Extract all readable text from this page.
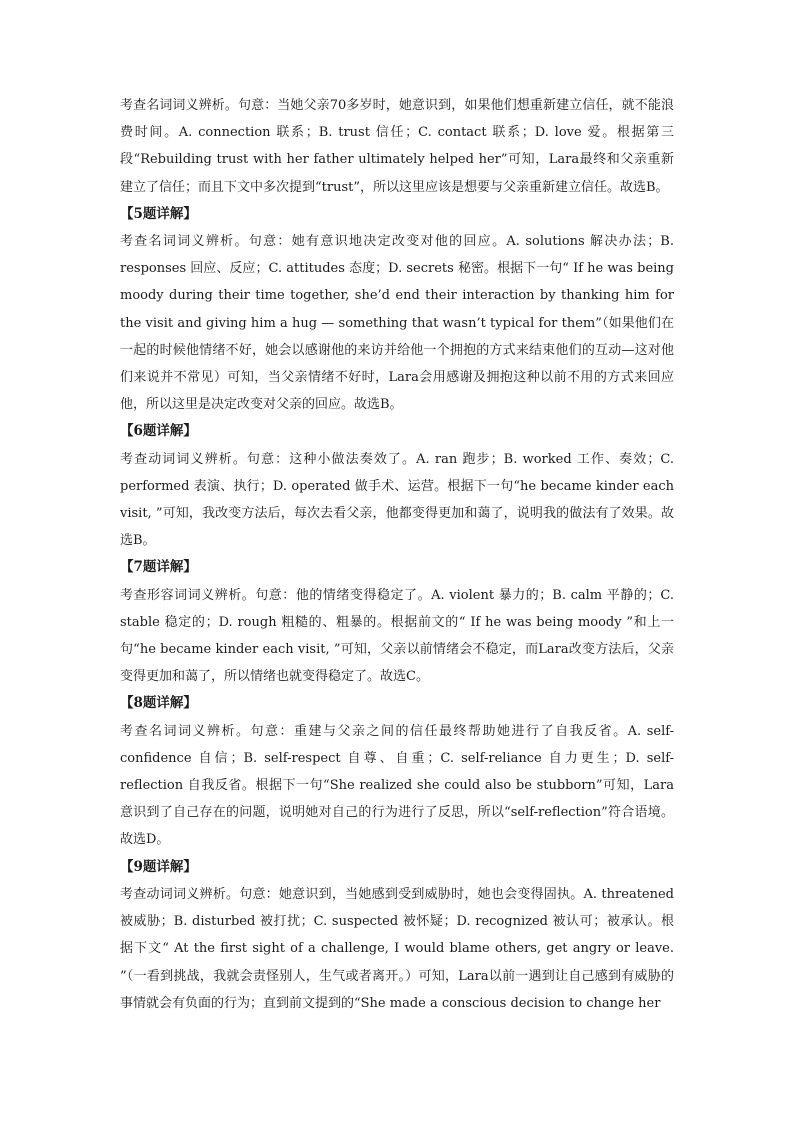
考查名词词义辨析。句意：当她父亲70多岁时，她意识到，如果他们想重新建立信任，就不能浪费时间。A. connection 联系；B. trust 信任；C. contact 联系；D. love 爱。根据第三段“Rebuilding trust with her father ultimately helped her”可知，Lara最终和父亲重新建立了信任；而且下文中多次提到“trust”，所以这里应该是想要与父亲重新建立信任。故选B。

【5题详解】

考查名词词义辨析。句意：她有意识地决定改变对他的回应。A. solutions 解决办法；B. responses 回应、反应；C. attitudes 态度；D. secrets 秘密。根据下一句“ If he was being moody during their time together, she’d end their interaction by thanking him for the visit and giving him a hug — something that wasn’t typical for them”（如果他们在一起的时候他情绪不好，她会以感谢他的来访并给他一个拥抱的方式来结束他们的互动—这对他们来说并不常见）可知，当父亲情绪不好时，Lara会用感谢及拥抱这种以前不用的方式来回应他，所以这里是决定改变对父亲的回应。故选B。

【6题详解】

考查动词词义辨析。句意：这种小做法奏效了。A. ran 跑步；B. worked 工作、奏效；C. performed 表演、执行；D. operated 做手术、运营。根据下一句“he became kinder each visit, ”可知，我改变方法后，每次去看父亲，他都变得更加和蔼了，说明我的做法有了效果。故选B。

【7题详解】

考查形容词词义辨析。句意：他的情绪变得稳定了。A. violent 暴力的；B. calm 平静的；C. stable 稳定的；D. rough 粗糙的、粗暴的。根据前文的“ If he was being moody ”和上一句“he became kinder each visit, ”可知，父亲以前情绪会不稳定，而Lara改变方法后，父亲变得更加和蔼了，所以情绪也就变得稳定了。故选C。

【8题详解】

考查名词词义辨析。句意：重建与父亲之间的信任最终帮助她进行了自我反省。A. self-confidence 自信；B. self-respect 自尊、自重；C. self-reliance 自力更生；D. self-reflection 自我反省。根据下一句“She realized she could also be stubborn”可知，Lara意识到了自己存在的问题，说明她对自己的行为进行了反思，所以“self-reflection”符合语境。故选D。

【9题详解】

考查动词词义辨析。句意：她意识到，当她感到受到威胁时，她也会变得固执。A. threatened 被威胁；B. disturbed 被打扰；C. suspected 被怀疑；D. recognized 被认可；被承认。根据下文“ At the first sight of a challenge, I would blame others, get angry or leave. ”（一看到挑战，我就会责怪别人，生气或者离开。）可知，Lara以前一遇到让自己感到有威胁的事情就会有负面的行为；直到前文提到的“She made a conscious decision to change her
